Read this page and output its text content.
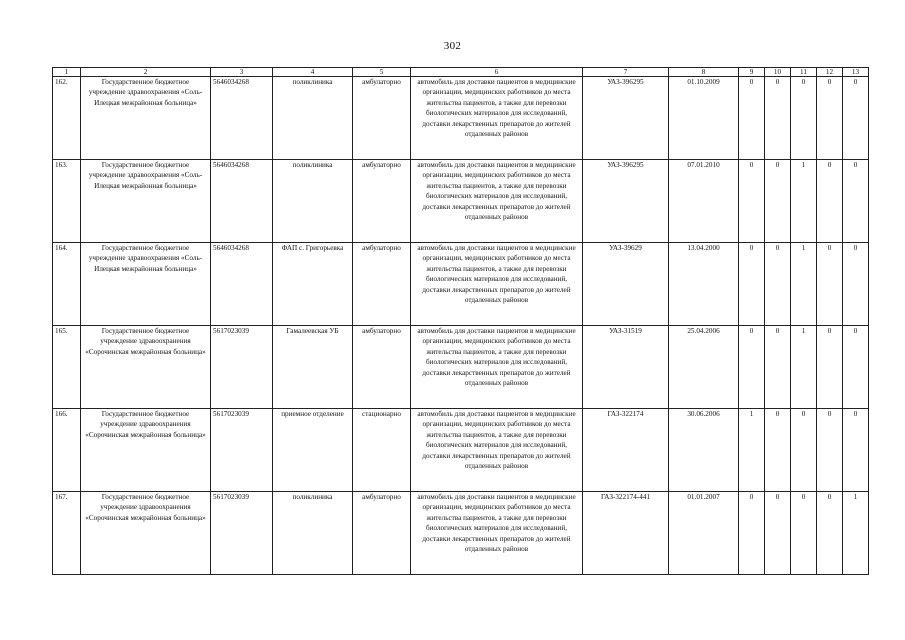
302
1	2	3	4	5	6	7	8	9	10	11	12	13
162.	Государственное бюджетное учреждение здравоохранения «Соль-Илецкая межрайонная больница»	5646034268	поликлиника	амбулаторно	автомобиль для доставки пациентов в медицинские организации, медицинских работников до места жительства пациентов, а также для перевозки биологических материалов для исследований, доставки лекарственных препаратов до жителей отдаленных районов	УАЗ-396295	01.10.2009	0	0	0	0	0
163.	Государственное бюджетное учреждение здравоохранения «Соль-Илецкая межрайонная больница»	5646034268	поликлиника	амбулаторно	автомобиль для доставки пациентов в медицинские организации, медицинских работников до места жительства пациентов, а также для перевозки биологических материалов для исследований, доставки лекарственных препаратов до жителей отдаленных районов	УАЗ-396295	07.01.2010	0	0	1	0	0
164.	Государственное бюджетное учреждение здравоохранения «Соль-Илецкая межрайонная больница»	5646034268	ФАП с. Григорьевка	амбулаторно	автомобиль для доставки пациентов в медицинские организации, медицинских работников до места жительства пациентов, а также для перевозки биологических материалов для исследований, доставки лекарственных препаратов до жителей отдаленных районов	УАЗ-39629	13.04.2000	0	0	1	0	0
165.	Государственное бюджетное учреждение здравоохранения «Сорочинская межрайонная больница»	5617023039	Гамалеевская УБ	амбулаторно	автомобиль для доставки пациентов в медицинские организации, медицинских работников до места жительства пациентов, а также для перевозки биологических материалов для исследований, доставки лекарственных препаратов до жителей отдаленных районов	УАЗ-31519	25.04.2006	0	0	1	0	0
166.	Государственное бюджетное учреждение здравоохранения «Сорочинская межрайонная больница»	5617023039	приемное отделение	стационарно	автомобиль для доставки пациентов в медицинские организации, медицинских работников до места жительства пациентов, а также для перевозки биологических материалов для исследований, доставки лекарственных препаратов до жителей отдаленных районов	ГАЗ-322174	30.06.2006	1	0	0	0	0
167.	Государственное бюджетное учреждение здравоохранения «Сорочинская межрайонная больница»	5617023039	поликлиника	амбулаторно	автомобиль для доставки пациентов в медицинские организации, медицинских работников до места жительства пациентов, а также для перевозки биологических материалов для исследований, доставки лекарственных препаратов до жителей отдаленных районов	ГАЗ-322174-441	01.01.2007	0	0	0	0	1
